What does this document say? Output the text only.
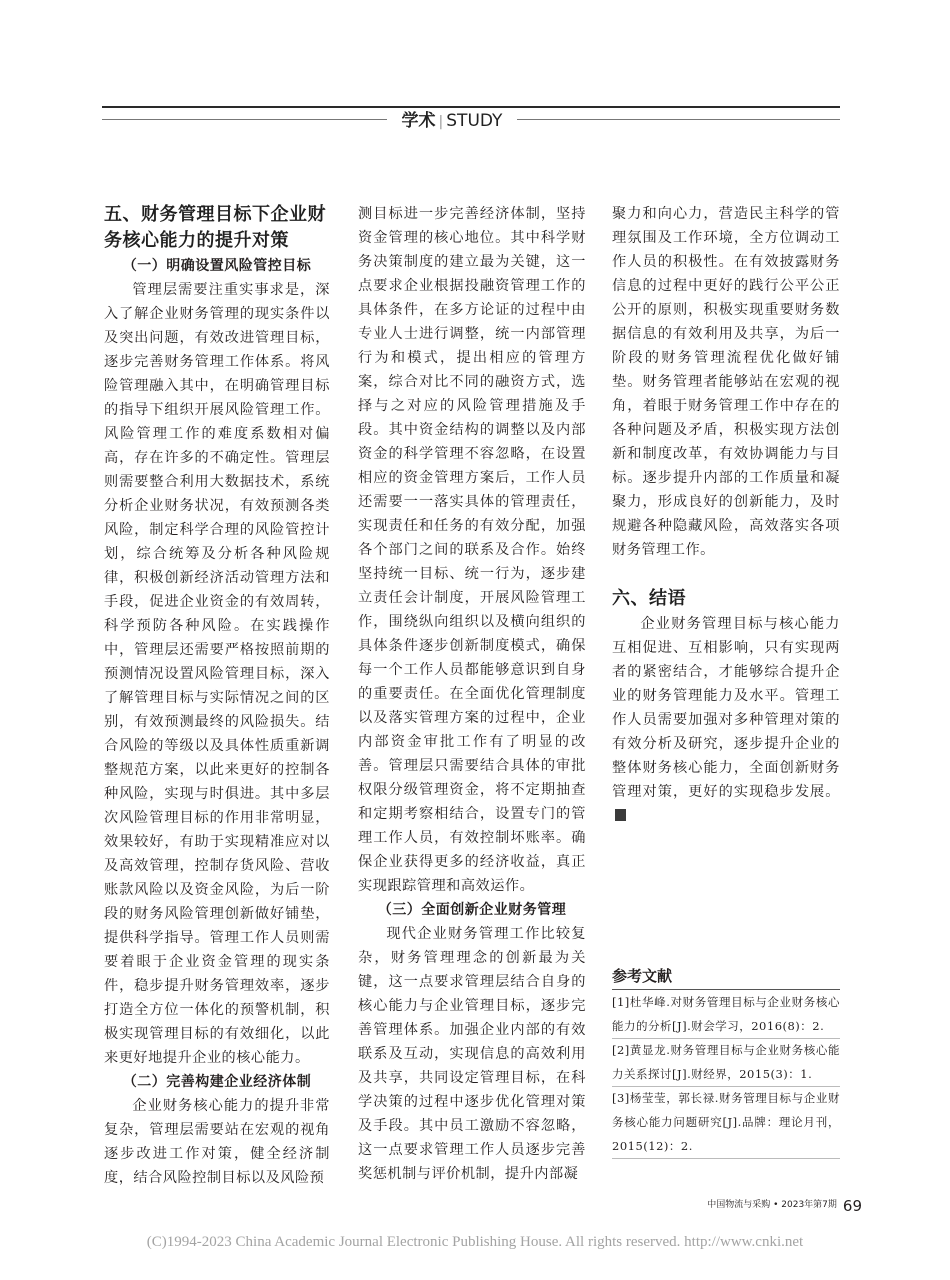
学术 | STUDY
五、财务管理目标下企业财务核心能力的提升对策
（一）明确设置风险管控目标

管理层需要注重实事求是，深入了解企业财务管理的现实条件以及突出问题，有效改进管理目标，逐步完善财务管理工作体系。将风险管理融入其中，在明确管理目标的指导下组织开展风险管理工作。风险管理工作的难度系数相对偏高，存在许多的不确定性。管理层则需要整合利用大数据技术，系统分析企业财务状况，有效预测各类风险，制定科学合理的风险管控计划，综合统筹及分析各种风险规律，积极创新经济活动管理方法和手段，促进企业资金的有效周转，科学预防各种风险。在实践操作中，管理层还需要严格按照前期的预测情况设置风险管理目标，深入了解管理目标与实际情况之间的区别，有效预测最终的风险损失。结合风险的等级以及具体性质重新调整规范方案，以此来更好的控制各种风险，实现与时俱进。其中多层次风险管理目标的作用非常明显，效果较好，有助于实现精准应对以及高效管理，控制存货风险、营收账款风险以及资金风险，为后一阶段的财务风险管理创新做好铺垫，提供科学指导。管理工作人员则需要着眼于企业资金管理的现实条件，稳步提升财务管理效率，逐步打造全方位一体化的预警机制，积极实现管理目标的有效细化，以此来更好地提升企业的核心能力。

（二）完善构建企业经济体制

企业财务核心能力的提升非常复杂，管理层需要站在宏观的视角逐步改进工作对策，健全经济制度，结合风险控制目标以及风险预

测目标进一步完善经济体制，坚持资金管理的核心地位。其中科学财务决策制度的建立最为关键，这一点要求企业根据投融资管理工作的具体条件，在多方论证的过程中由专业人士进行调整，统一内部管理行为和模式，提出相应的管理方案，综合对比不同的融资方式，选择与之对应的风险管理措施及手段。其中资金结构的调整以及内部资金的科学管理不容忽略，在设置相应的资金管理方案后，工作人员还需要一一落实具体的管理责任，实现责任和任务的有效分配，加强各个部门之间的联系及合作。始终坚持统一目标、统一行为，逐步建立责任会计制度，开展风险管理工作，围绕纵向组织以及横向组织的具体条件逐步创新制度模式，确保每一个工作人员都能够意识到自身的重要责任。在全面优化管理制度以及落实管理方案的过程中，企业内部资金审批工作有了明显的改善。管理层只需要结合具体的审批权限分级管理资金，将不定期抽查和定期考察相结合，设置专门的管理工作人员，有效控制坏账率。确保企业获得更多的经济收益，真正实现跟踪管理和高效运作。

（三）全面创新企业财务管理

现代企业财务管理工作比较复杂，财务管理理念的创新最为关键，这一点要求管理层结合自身的核心能力与企业管理目标，逐步完善管理体系。加强企业内部的有效联系及互动，实现信息的高效利用及共享，共同设定管理目标，在科学决策的过程中逐步优化管理对策及手段。其中员工激励不容忽略，这一点要求管理工作人员逐步完善奖惩机制与评价机制，提升内部凝

聚力和向心力，营造民主科学的管理氛围及工作环境，全方位调动工作人员的积极性。在有效披露财务信息的过程中更好的践行公平公正公开的原则，积极实现重要财务数据信息的有效利用及共享，为后一阶段的财务管理流程优化做好铺垫。财务管理者能够站在宏观的视角，着眼于财务管理工作中存在的各种问题及矛盾，积极实现方法创新和制度改革，有效协调能力与目标。逐步提升内部的工作质量和凝聚力，形成良好的创新能力，及时规避各种隐藏风险，高效落实各项财务管理工作。

六、结语

企业财务管理目标与核心能力互相促进、互相影响，只有实现两者的紧密结合，才能够综合提升企业的财务管理能力及水平。管理工作人员需要加强对多种管理对策的有效分析及研究，逐步提升企业的整体财务核心能力，全面创新财务管理对策，更好的实现稳步发展。

参考文献
[1]杜华峰.对财务管理目标与企业财务核心能力的分析[J].财会学习，2016(8)：2.
[2]黄显龙.财务管理目标与企业财务核心能力关系探讨[J].财经界，2015(3)：1.
[3]杨莹莹，郭长禄.财务管理目标与企业财务核心能力问题研究[J].品牌：理论月刊，2015(12)：2.
$^{中国物流与采购 • 2023年第7期}$ 69
(C)1994-2023 China Academic Journal Electronic Publishing House. All rights reserved. http://www.cnki.net
